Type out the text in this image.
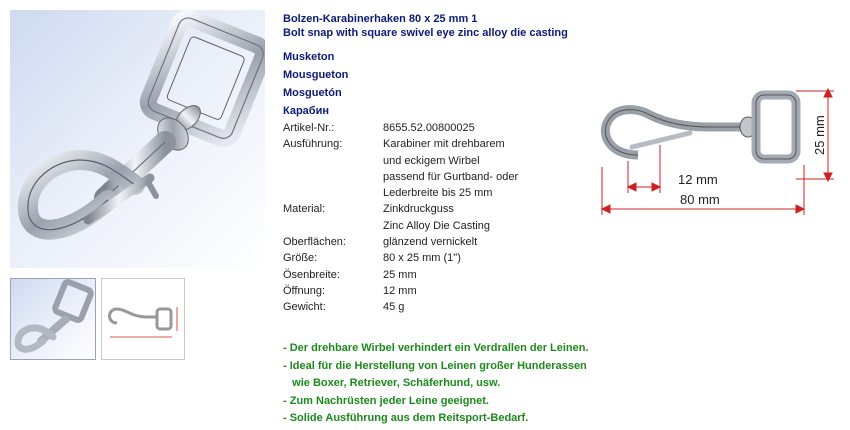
Bolzen-Karabinerhaken 80 x 25 mm 1
Bolt snap with square swivel eye zinc alloy die casting
Musketon
Mousgueton
Mosguetón
Карабин
Artikel-Nr.:	8655.52.00800025

Ausführung:	Karabiner mit drehbarem
und eckigem Wirbel
passend für Gurtband- oder
Lederbreite bis 25 mm

Material:	Zinkdruckguss
Zinc Alloy Die Casting

Oberflächen:	glänzend vernickelt

Größe:	80 x 25 mm (1")

Ösenbreite:	25 mm

Öffnung:	12 mm

Gewicht:	45 g
- Der drehbare Wirbel verhindert ein Verdrallen der Leinen.
- Ideal für die Herstellung von Leinen großer Hunderassen
wie Boxer, Retriever, Schäferhund, usw.
- Zum Nachrüsten jeder Leine geeignet.
- Solide Ausführung aus dem Reitsport-Bedarf.
12 mm
80 mm
25 mm
